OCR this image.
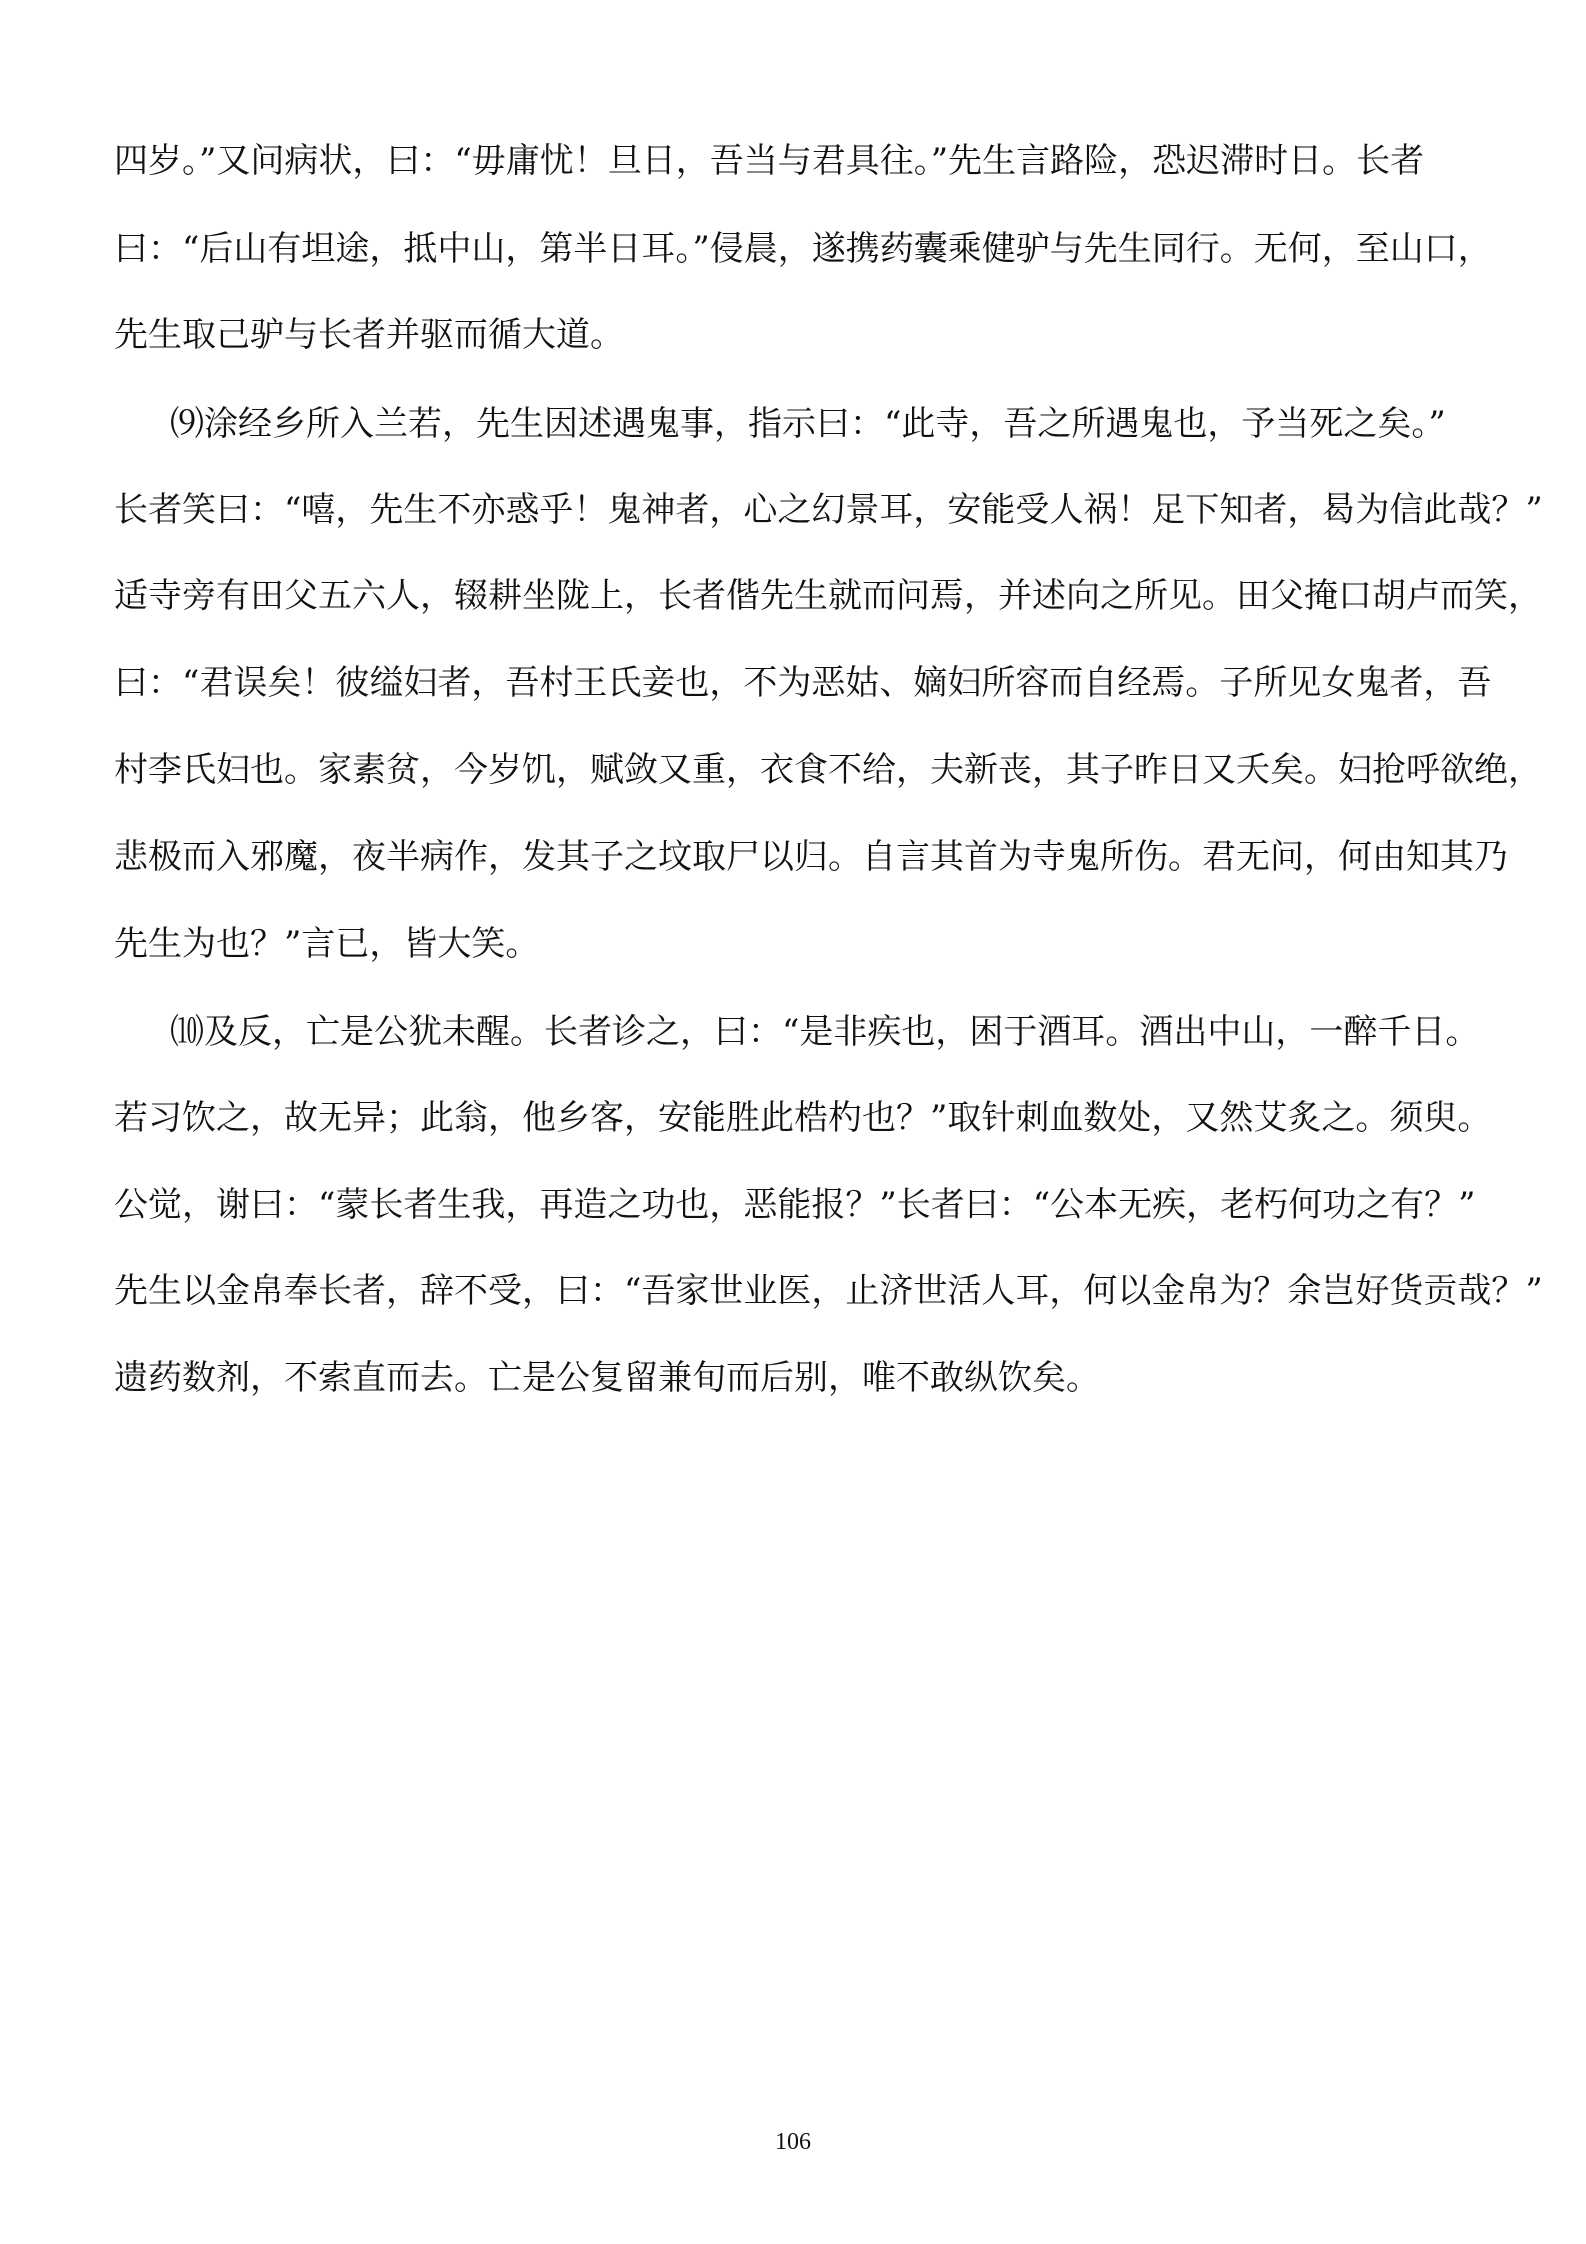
四岁。”又问病状，曰：“毋庸忧！旦日，吾当与君具往。”先生言路险，恐迟滞时日。长者
曰：“后山有坦途，抵中山，第半日耳。”侵晨，遂携药囊乘健驴与先生同行。无何，至山口，
先生取己驴与长者并驱而循大道。
⑼涂经乡所入兰若，先生因述遇鬼事，指示曰：“此寺，吾之所遇鬼也，予当死之矣。”
长者笑曰：“嘻，先生不亦惑乎！鬼神者，心之幻景耳，安能受人祸！足下知者，曷为信此哉？”
适寺旁有田父五六人，辍耕坐陇上，长者偕先生就而问焉，并述向之所见。田父掩口胡卢而笑，
曰：“君误矣！彼缢妇者，吾村王氏妾也，不为恶姑、嫡妇所容而自经焉。子所见女鬼者，吾
村李氏妇也。家素贫，今岁饥，赋敛又重，衣食不给，夫新丧，其子昨日又夭矣。妇抢呼欲绝，
悲极而入邪魔，夜半病作，发其子之坟取尸以归。自言其首为寺鬼所伤。君无问，何由知其乃
先生为也？”言已，皆大笑。
⑽及反，亡是公犹未醒。长者诊之，曰：“是非疾也，困于酒耳。酒出中山，一醉千日。
若习饮之，故无异；此翁，他乡客，安能胜此梏杓也？”取针刺血数处，又然艾炙之。须臾。
公觉，谢曰：“蒙长者生我，再造之功也，恶能报？”长者曰：“公本无疾，老朽何功之有？”
先生以金帛奉长者，辞不受，曰：“吾家世业医，止济世活人耳，何以金帛为？余岂好货贡哉？”
遗药数剂，不索直而去。亡是公复留兼旬而后别，唯不敢纵饮矣。
106
